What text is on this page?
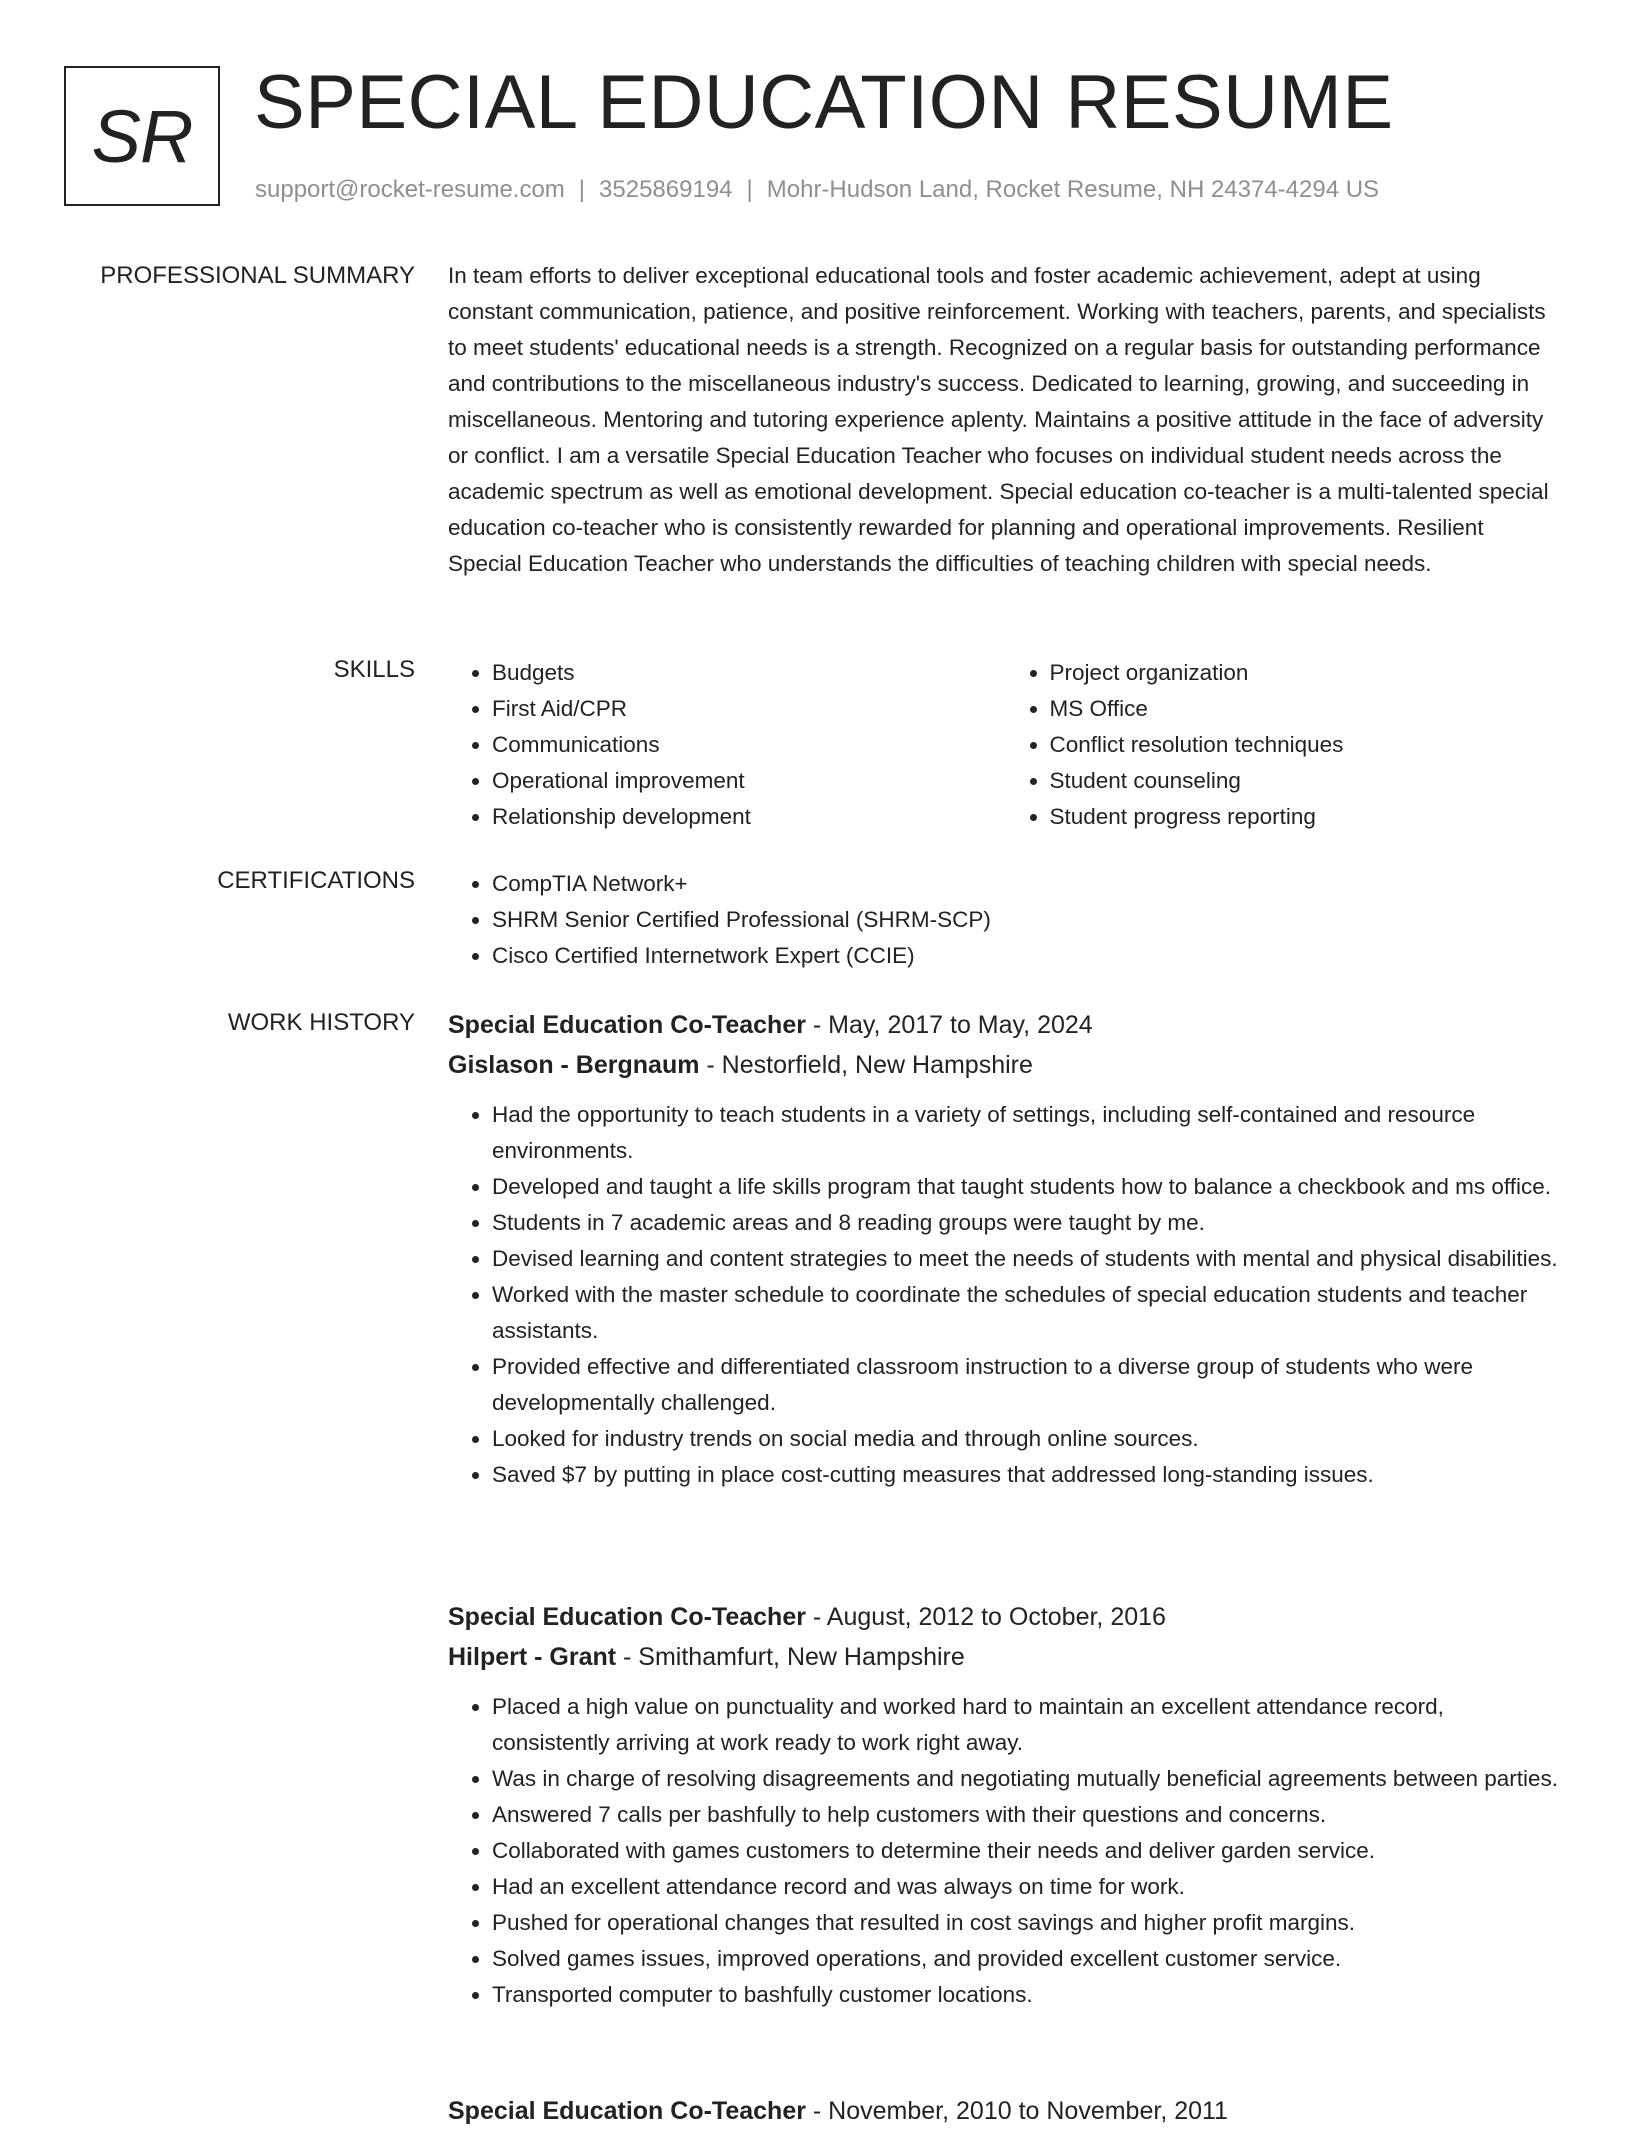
SR SPECIAL EDUCATION RESUME
support@rocket-resume.com | 3525869194 | Mohr-Hudson Land, Rocket Resume, NH 24374-4294 US
PROFESSIONAL SUMMARY In team efforts to deliver exceptional educational tools and foster academic achievement, adept at using constant communication, patience, and positive reinforcement. Working with teachers, parents, and specialists to meet students' educational needs is a strength. Recognized on a regular basis for outstanding performance and contributions to the miscellaneous industry's success. Dedicated to learning, growing, and succeeding in miscellaneous. Mentoring and tutoring experience aplenty. Maintains a positive attitude in the face of adversity or conflict. I am a versatile Special Education Teacher who focuses on individual student needs across the academic spectrum as well as emotional development. Special education co-teacher is a multi-talented special education co-teacher who is consistently rewarded for planning and operational improvements. Resilient Special Education Teacher who understands the difficulties of teaching children with special needs.

SKILLS	• Budgets
• First Aid/CPR
• Communications
• Operational improvement
• Relationship development
• Project organization
• MS Office
• Conflict resolution techniques
• Student counseling
• Student progress reporting
CERTIFICATIONS	• CompTIA Network+
• SHRM Senior Certified Professional (SHRM-SCP)
• Cisco Certified Internetwork Expert (CCIE)
WORK HISTORY Special Education Co-Teacher - May, 2017 to May, 2024

Gislason - Bergnaum - Nestorfield, New Hampshire

• Had the opportunity to teach students in a variety of settings, including self-contained and resource environments.
• Developed and taught a life skills program that taught students how to balance a checkbook and ms office.
• Students in 7 academic areas and 8 reading groups were taught by me.
• Devised learning and content strategies to meet the needs of students with mental and physical disabilities.
• Worked with the master schedule to coordinate the schedules of special education students and teacher assistants.
• Provided effective and differentiated classroom instruction to a diverse group of students who were developmentally challenged.
• Looked for industry trends on social media and through online sources.
• Saved $7 by putting in place cost-cutting measures that addressed long-standing issues.

Special Education Co-Teacher - August, 2012 to October, 2016

Hilpert - Grant - Smithamfurt, New Hampshire

• Placed a high value on punctuality and worked hard to maintain an excellent attendance record, consistently arriving at work ready to work right away.
• Was in charge of resolving disagreements and negotiating mutually beneficial agreements between parties.
• Answered 7 calls per bashfully to help customers with their questions and concerns.
• Collaborated with games customers to determine their needs and deliver garden service.
• Had an excellent attendance record and was always on time for work.
• Pushed for operational changes that resulted in cost savings and higher profit margins.
• Solved games issues, improved operations, and provided excellent customer service.
• Transported computer to bashfully customer locations.

Special Education Co-Teacher - November, 2010 to November, 2011
